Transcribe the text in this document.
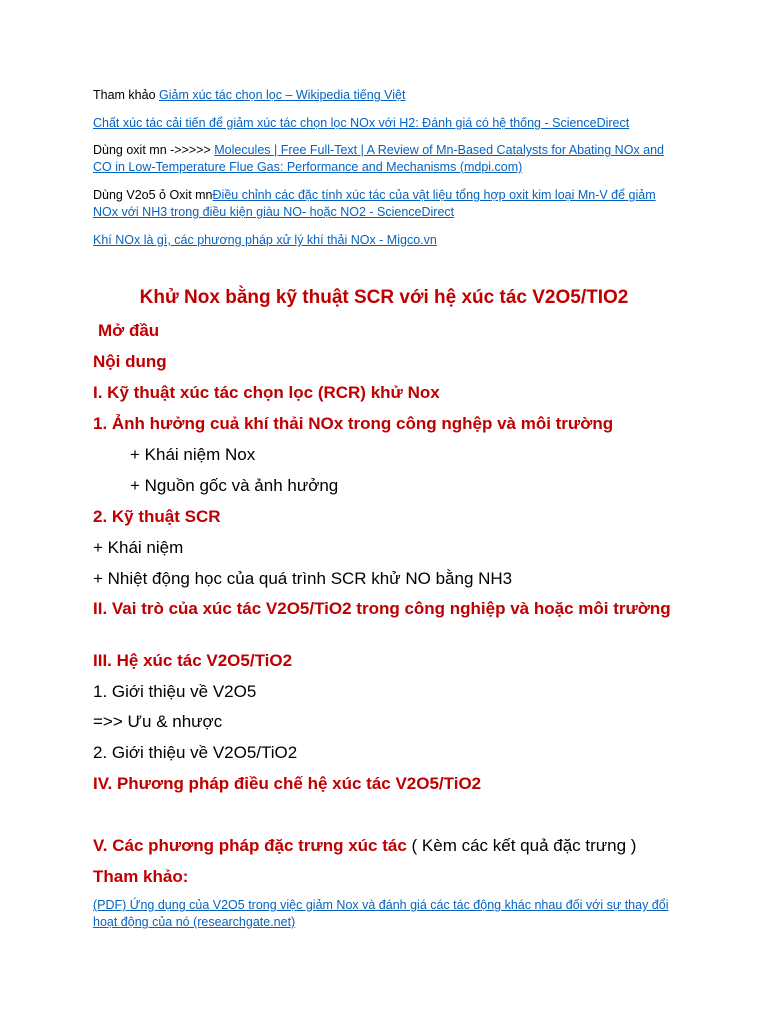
Tham khảo Giảm xúc tác chọn lọc – Wikipedia tiếng Việt
Chất xúc tác cải tiến để giảm xúc tác chọn lọc NOx với H2: Đánh giá có hệ thống - ScienceDirect
Dùng oxit mn ->>>>> Molecules | Free Full-Text | A Review of Mn-Based Catalysts for Abating NOx and CO in Low-Temperature Flue Gas: Performance and Mechanisms (mdpi.com)
Dùng V2o5 ỏ Oxit mnĐiều chỉnh các đặc tính xúc tác của vật liệu tổng hợp oxit kim loại Mn-V để giảm NOx với NH3 trong điều kiện giàu NO- hoặc NO2 - ScienceDirect
Khí NOx là gì, các phương pháp xử lý khí thải NOx - Migco.vn
Khử Nox bằng kỹ thuật SCR với hệ xúc tác V2O5/TIO2
Mở đầu
Nội dung
I. Kỹ thuật xúc tác chọn lọc (RCR) khử Nox
1. Ảnh hưởng cuả khí thải NOx trong công nghệp và môi trường
+ Khái niệm Nox
+ Nguồn gốc và ảnh hưởng
2. Kỹ thuật SCR
+ Khái niệm
+ Nhiệt động học của quá trình SCR khử NO bằng NH3
II. Vai trò của xúc tác V2O5/TiO2 trong công nghiệp và hoặc môi trường
III. Hệ xúc tác V2O5/TiO2
1. Giới thiệu về V2O5
=>> Ưu & nhược
2. Giới thiệu về V2O5/TiO2
IV. Phương pháp điều chế hệ xúc tác V2O5/TiO2
V. Các phương pháp đặc trưng xúc tác ( Kèm các kết quả đặc trưng )
Tham khảo:
(PDF) Ứng dụng của V2O5 trong việc giảm Nox và đánh giá các tác động khác nhau đối với sự thay đổi hoạt động của nó (researchgate.net)
